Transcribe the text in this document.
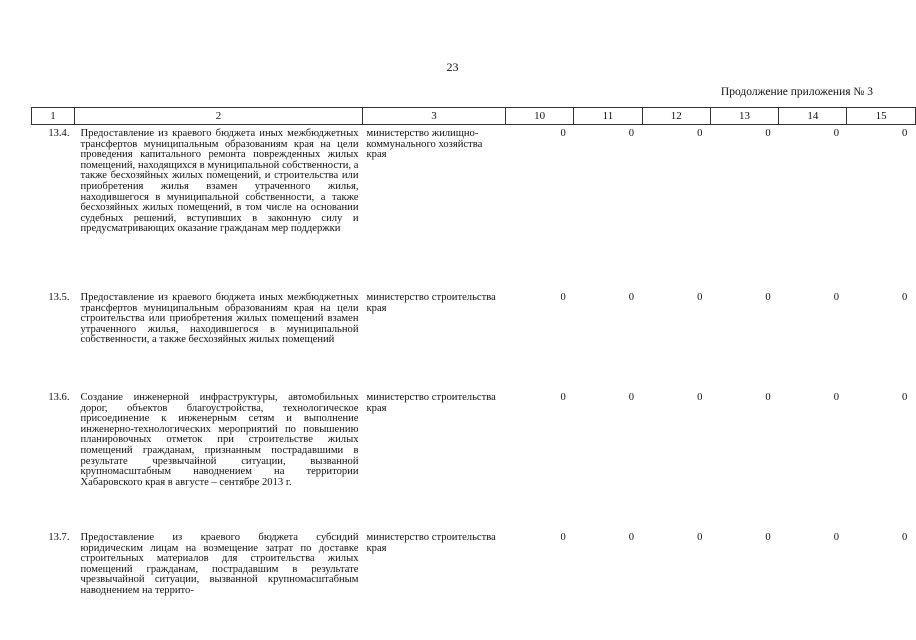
23
Продолжение приложения № 3
1	2	3	10	11	12	13	14	15
13.4.	Предоставление из краевого бюджета иных межбюджетных трансфертов муниципальным образованиям края на цели проведения капитального ремонта поврежденных жилых помещений, находящихся в муниципальной собственности, а также бесхозяйных жилых помещений, и строительства или приобретения жилья взамен утраченного жилья, находившегося в муниципальной собственности, а также бесхозяйных жилых помещений, в том числе на основании судебных решений, вступивших в законную силу и предусматривающих оказание гражданам мер поддержки	министерство жилищно-коммунального хозяйства края	0	0	0	0	0	0
13.5.	Предоставление из краевого бюджета иных межбюджетных трансфертов муниципальным образованиям края на цели строительства или приобретения жилых помещений взамен утраченного жилья, находившегося в муниципальной собственности, а также бесхозяйных жилых помещений	министерство строительства края	0	0	0	0	0	0
13.6.	Создание инженерной инфраструктуры, автомобильных дорог, объектов благоустройства, технологическое присоединение к инженерным сетям и выполнение инженерно-технологических мероприятий по повышению планировочных отметок при строительстве жилых помещений гражданам, признанным пострадавшими в результате чрезвычайной ситуации, вызванной крупномасштабным наводнением на территории Хабаровского края в августе – сентябре 2013 г.	министерство строительства края	0	0	0	0	0	0
13.7.	Предоставление из краевого бюджета субсидий юридическим лицам на возмещение затрат по доставке строительных материалов для строительства жилых помещений гражданам, пострадавшим в результате чрезвычайной ситуации, вызванной крупномасштабным наводнением на террито-	министерство строительства края	0	0	0	0	0	0
